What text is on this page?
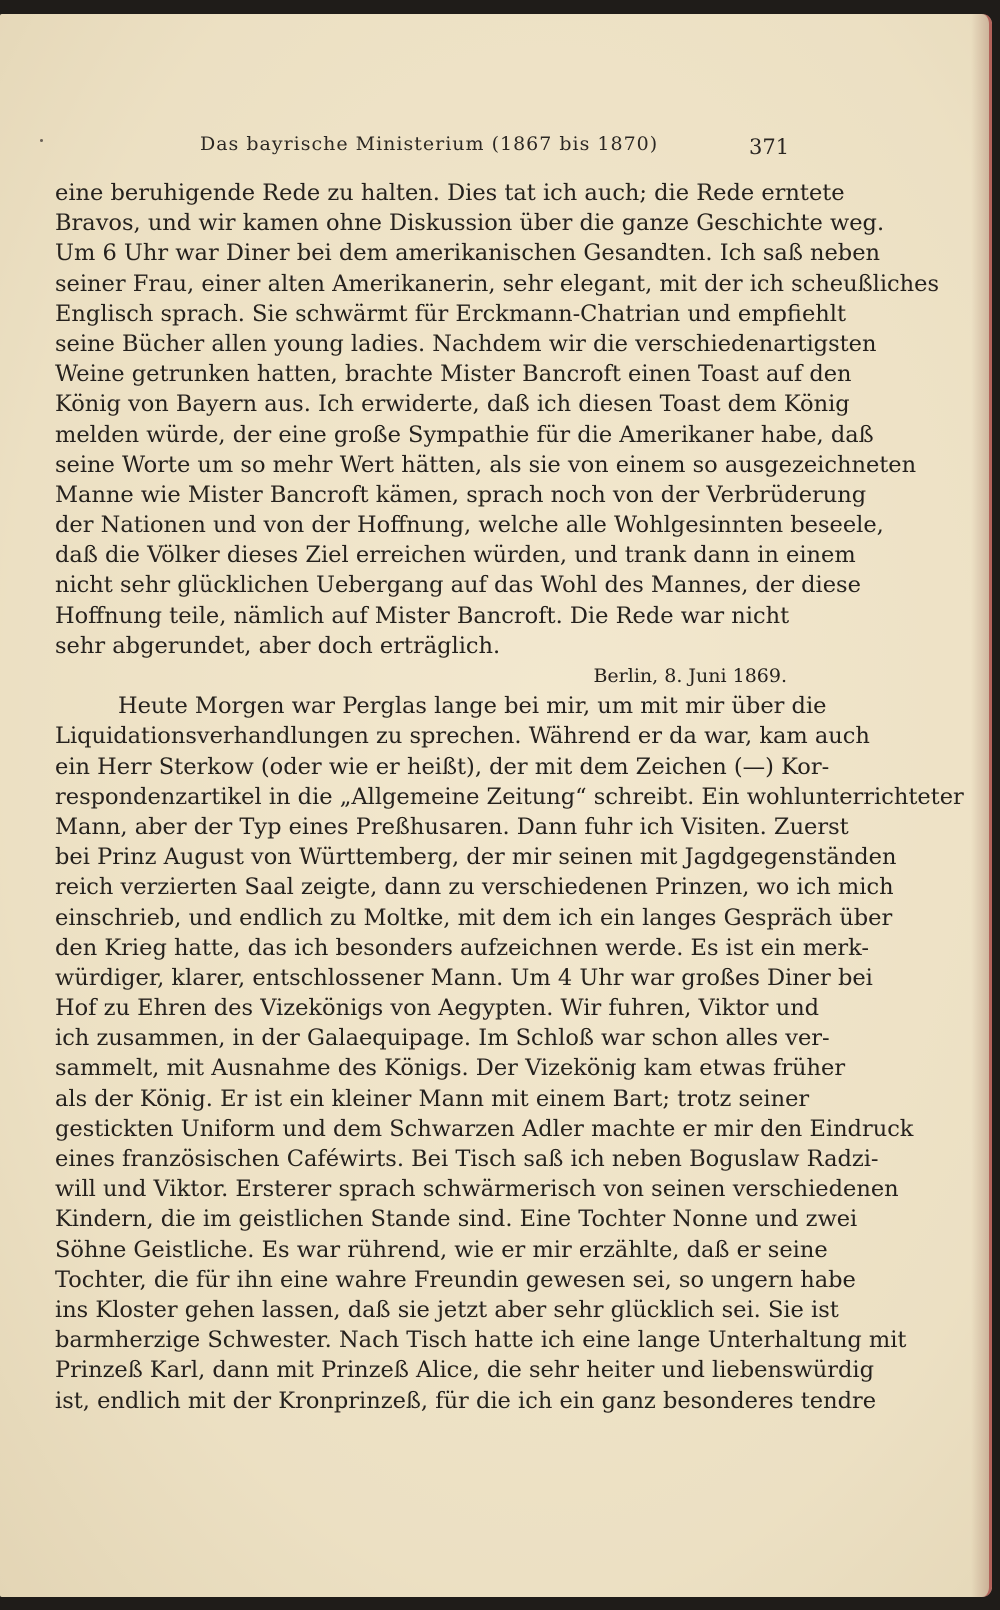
Das bayrische Ministerium (1867 bis 1870)	371
eine beruhigende Rede zu halten. Dies tat ich auch; die Rede erntete
Bravos, und wir kamen ohne Diskussion über die ganze Geschichte weg.
Um 6 Uhr war Diner bei dem amerikanischen Gesandten. Ich saß neben
seiner Frau, einer alten Amerikanerin, sehr elegant, mit der ich scheußliches
Englisch sprach. Sie schwärmt für Erckmann-Chatrian und empfiehlt
seine Bücher allen young ladies. Nachdem wir die verschiedenartigsten
Weine getrunken hatten, brachte Mister Bancroft einen Toast auf den
König von Bayern aus. Ich erwiderte, daß ich diesen Toast dem König
melden würde, der eine große Sympathie für die Amerikaner habe, daß
seine Worte um so mehr Wert hätten, als sie von einem so ausgezeichneten
Manne wie Mister Bancroft kämen, sprach noch von der Verbrüderung
der Nationen und von der Hoffnung, welche alle Wohlgesinnten beseele,
daß die Völker dieses Ziel erreichen würden, und trank dann in einem
nicht sehr glücklichen Uebergang auf das Wohl des Mannes, der diese
Hoffnung teile, nämlich auf Mister Bancroft. Die Rede war nicht
sehr abgerundet, aber doch erträglich.
Berlin, 8. Juni 1869.
Heute Morgen war Perglas lange bei mir, um mit mir über die
Liquidationsverhandlungen zu sprechen. Während er da war, kam auch
ein Herr Sterkow (oder wie er heißt), der mit dem Zeichen (—) Kor-
respondenzartikel in die „Allgemeine Zeitung“ schreibt. Ein wohlunterrichteter
Mann, aber der Typ eines Preßhusaren. Dann fuhr ich Visiten. Zuerst
bei Prinz August von Württemberg, der mir seinen mit Jagdgegenständen
reich verzierten Saal zeigte, dann zu verschiedenen Prinzen, wo ich mich
einschrieb, und endlich zu Moltke, mit dem ich ein langes Gespräch über
den Krieg hatte, das ich besonders aufzeichnen werde. Es ist ein merk-
würdiger, klarer, entschlossener Mann. Um 4 Uhr war großes Diner bei
Hof zu Ehren des Vizekönigs von Aegypten. Wir fuhren, Viktor und
ich zusammen, in der Galaequipage. Im Schloß war schon alles ver-
sammelt, mit Ausnahme des Königs. Der Vizekönig kam etwas früher
als der König. Er ist ein kleiner Mann mit einem Bart; trotz seiner
gestickten Uniform und dem Schwarzen Adler machte er mir den Eindruck
eines französischen Caféwirts. Bei Tisch saß ich neben Boguslaw Radzi-
will und Viktor. Ersterer sprach schwärmerisch von seinen verschiedenen
Kindern, die im geistlichen Stande sind. Eine Tochter Nonne und zwei
Söhne Geistliche. Es war rührend, wie er mir erzählte, daß er seine
Tochter, die für ihn eine wahre Freundin gewesen sei, so ungern habe
ins Kloster gehen lassen, daß sie jetzt aber sehr glücklich sei. Sie ist
barmherzige Schwester. Nach Tisch hatte ich eine lange Unterhaltung mit
Prinzeß Karl, dann mit Prinzeß Alice, die sehr heiter und liebenswürdig
ist, endlich mit der Kronprinzeß, für die ich ein ganz besonderes tendre
